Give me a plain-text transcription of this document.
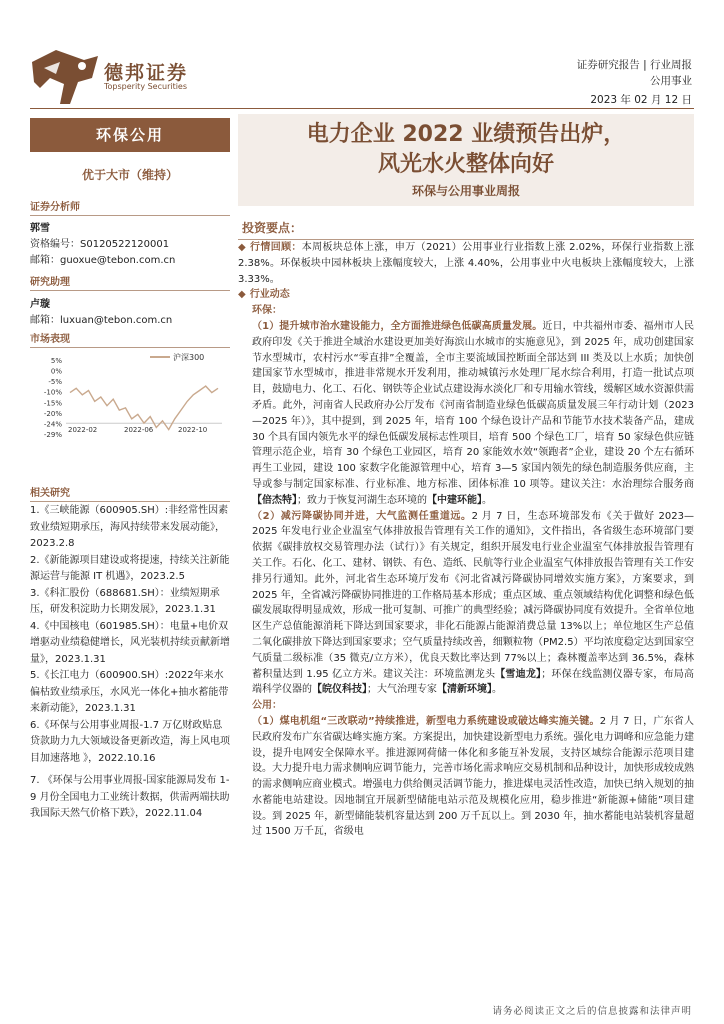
德邦证券
Topsperity Securities
证券研究报告 | 行业周报
公用事业
2023 年 02 月 12 日
环保公用
优于大市（维持）
证券分析师
郭雪
资格编号：S0120522120001
邮箱：guoxue@tebon.com.cn
研究助理
卢璇
邮箱：luxuan@tebon.com.cn
市场表现
5%
0%
-5%
-10%
-15%
-20%
-24%
-29%
2022-02	2022-06	2022-10
沪深300
相关研究
1.《三峡能源（600905.SH）:非经常性因素致业绩短期承压，海风持续带来发展动能》，2023.2.8
2.《新能源项目建设或将提速，持续关注新能源运营与能源 IT 机遇》，2023.2.5
3.《科汇股份（688681.SH）：业绩短期承压，研发积淀助力长期发展》，2023.1.31
4.《中国核电（601985.SH）：电量+电价双增驱动业绩稳健增长，风光装机持续贡献新增量》，2023.1.31
5.《长江电力（600900.SH）:2022年来水偏枯致业绩承压，水风光一体化+抽水蓄能带来新动能》，2023.1.31
6.《环保与公用事业周报-1.7 万亿财政贴息贷款助力九大领域设备更新改造，海上风电项目加速落地 》，2022.10.16
7. 《环保与公用事业周报-国家能源局发布 1-9 月份全国电力工业统计数据，供需两端扶助我国际天然气价格下跌》，2022.11.04
电力企业 2022 业绩预告出炉，
风光水火整体向好
环保与公用事业周报
投资要点：

◆ 行情回顾：本周板块总体上涨，申万（2021）公用事业行业指数上涨 2.02%，环保行业指数上涨 2.38%。环保板块中园林板块上涨幅度较大，上涨 4.40%，公用事业中火电板块上涨幅度较大，上涨 3.33%。

◆ 行业动态

环保：

（1）提升城市治水建设能力，全方面推进绿色低碳高质量发展。近日，中共福州市委、福州市人民政府印发《关于推进全域治水建设更加美好海滨山水城市的实施意见》，到 2025 年，成功创建国家节水型城市，农村污水“零直排”全覆盖，全市主要流域国控断面全部达到 III 类及以上水质；加快创建国家节水型城市，推进非常规水开发利用，推动城镇污水处理厂尾水综合利用，打造一批试点项目，鼓励电力、化工、石化、钢铁等企业试点建设海水淡化厂和专用输水管线，缓解区域水资源供需矛盾。此外，河南省人民政府办公厅发布《河南省制造业绿色低碳高质量发展三年行动计划（2023—2025 年）》，其中提到，到 2025 年，培育 100 个绿色设计产品和节能节水技术装备产品，建成 30 个具有国内领先水平的绿色低碳发展标志性项目，培育 500 个绿色工厂，培育 50 家绿色供应链管理示范企业，培育 30 个绿色工业园区，培育 20 家能效水效“领跑者”企业，建设 20 个左右循环再生工业园，建设 100 家数字化能源管理中心，培育 3—5 家国内领先的绿色制造服务供应商，主导或参与制定国家标准、行业标准、地方标准、团体标准 10 项等。建议关注：水治理综合服务商【倍杰特】；致力于恢复河湖生态环境的【中建环能】。

（2）减污降碳协同并进，大气监测任重道远。2 月 7 日，生态环境部发布《关于做好 2023—2025 年发电行业企业温室气体排放报告管理有关工作的通知》，文件指出，各省级生态环境部门要依据《碳排放权交易管理办法（试行）》有关规定，组织开展发电行业企业温室气体排放报告管理有关工作。石化、化工、建材、钢铁、有色、造纸、民航等行业企业温室气体排放报告管理有关工作安排另行通知。此外，河北省生态环境厅发布《河北省减污降碳协同增效实施方案》，方案要求，到 2025 年，全省减污降碳协同推进的工作格局基本形成；重点区域、重点领域结构优化调整和绿色低碳发展取得明显成效，形成一批可复制、可推广的典型经验；减污降碳协同度有效提升。全省单位地区生产总值能源消耗下降达到国家要求，非化石能源占能源消费总量 13%以上；单位地区生产总值二氧化碳排放下降达到国家要求；空气质量持续改善，细颗粒物（PM2.5）平均浓度稳定达到国家空气质量二级标准（35 微克/立方米），优良天数比率达到 77%以上；森林覆盖率达到 36.5%，森林蓄积量达到 1.95 亿立方米。建议关注：环境监测龙头【雪迪龙】；环保在线监测仪器专家，布局高端科学仪器的【皖仪科技】；大气治理专家【清新环境】。

公用：

（1）煤电机组“三改联动”持续推进，新型电力系统建设或破达峰实施关键。2 月 7 日，广东省人民政府发布广东省碳达峰实施方案。方案提出，加快建设新型电力系统。强化电力调峰和应急能力建设，提升电网安全保障水平。推进源网荷储一体化和多能互补发展，支持区域综合能源示范项目建设。大力提升电力需求侧响应调节能力，完善市场化需求响应交易机制和品种设计，加快形成较成熟的需求侧响应商业模式。增强电力供给侧灵活调节能力，推进煤电灵活性改造，加快已纳入规划的抽水蓄能电站建设。因地制宜开展新型储能电站示范及规模化应用，稳步推进“新能源+储能”项目建设。到 2025 年，新型储能装机容量达到 200 万千瓦以上。到 2030 年，抽水蓄能电站装机容量超过 1500 万千瓦，省级电

请务必阅读正文之后的信息披露和法律声明
